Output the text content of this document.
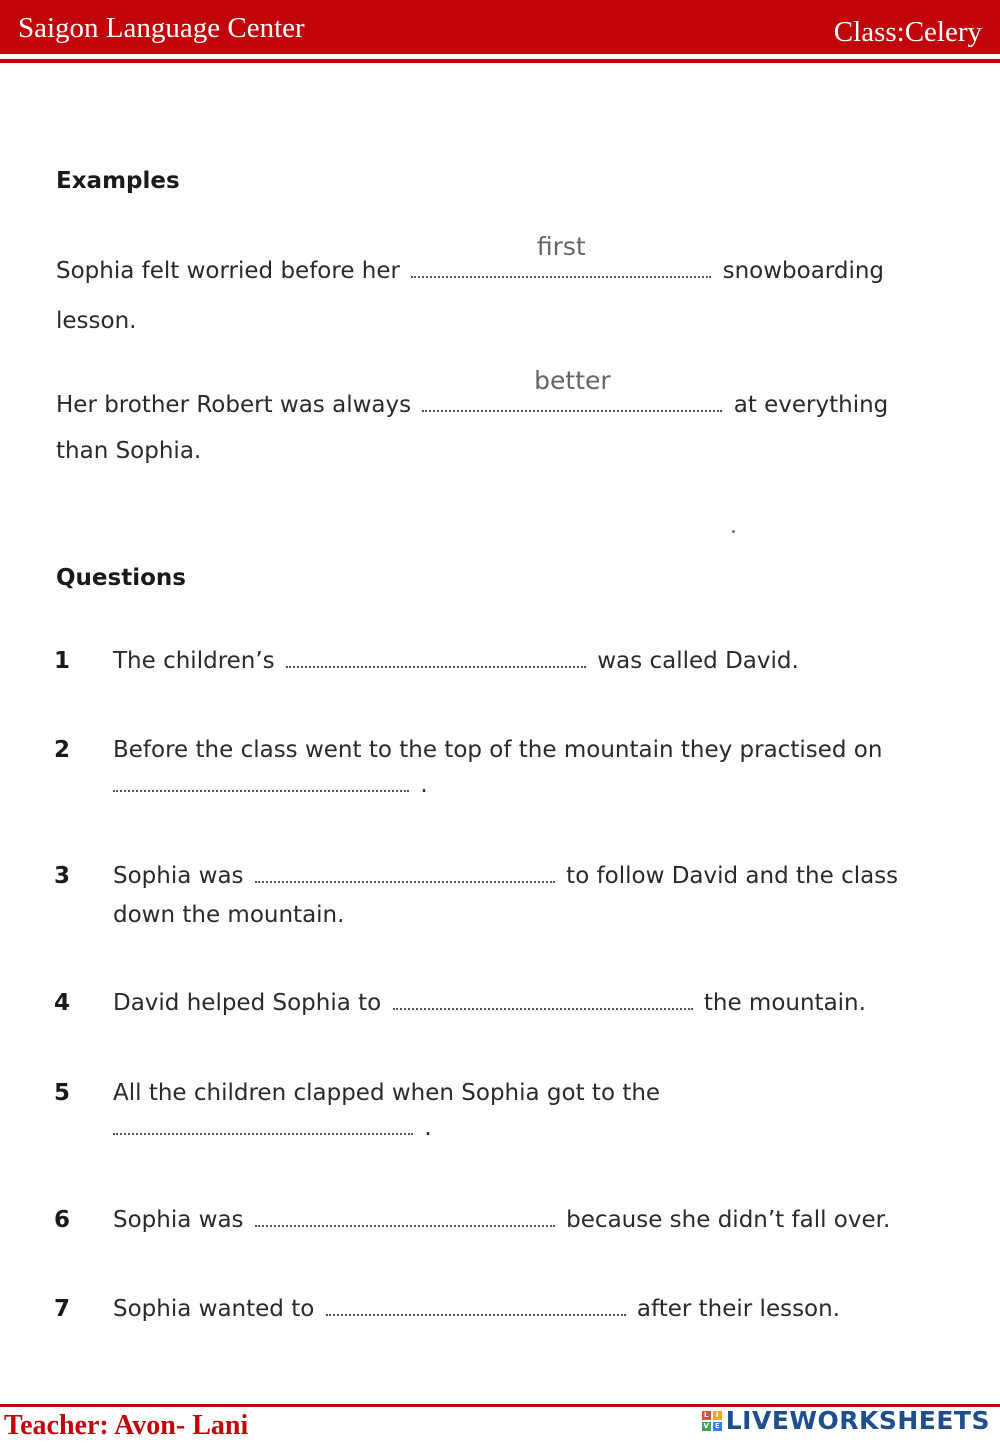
Saigon Language Center	Class:Celery
Examples
Sophia felt worried before her
first
snowboarding
lesson.
Her brother Robert was always
better
at everything
than Sophia.
Questions
1 The children’s	was called David.
2 Before the class went to the top of the mountain they practised on
.
3 Sophia was	to follow David and the class
down the mountain.
4 David helped Sophia to	the mountain.
5 All the children clapped when Sophia got to the
.
6 Sophia was	because she didn’t fall over.
7 Sophia wanted to	after their lesson.
Teacher: Avon- Lani	L	I
V E LIVEWORKSHEETS
